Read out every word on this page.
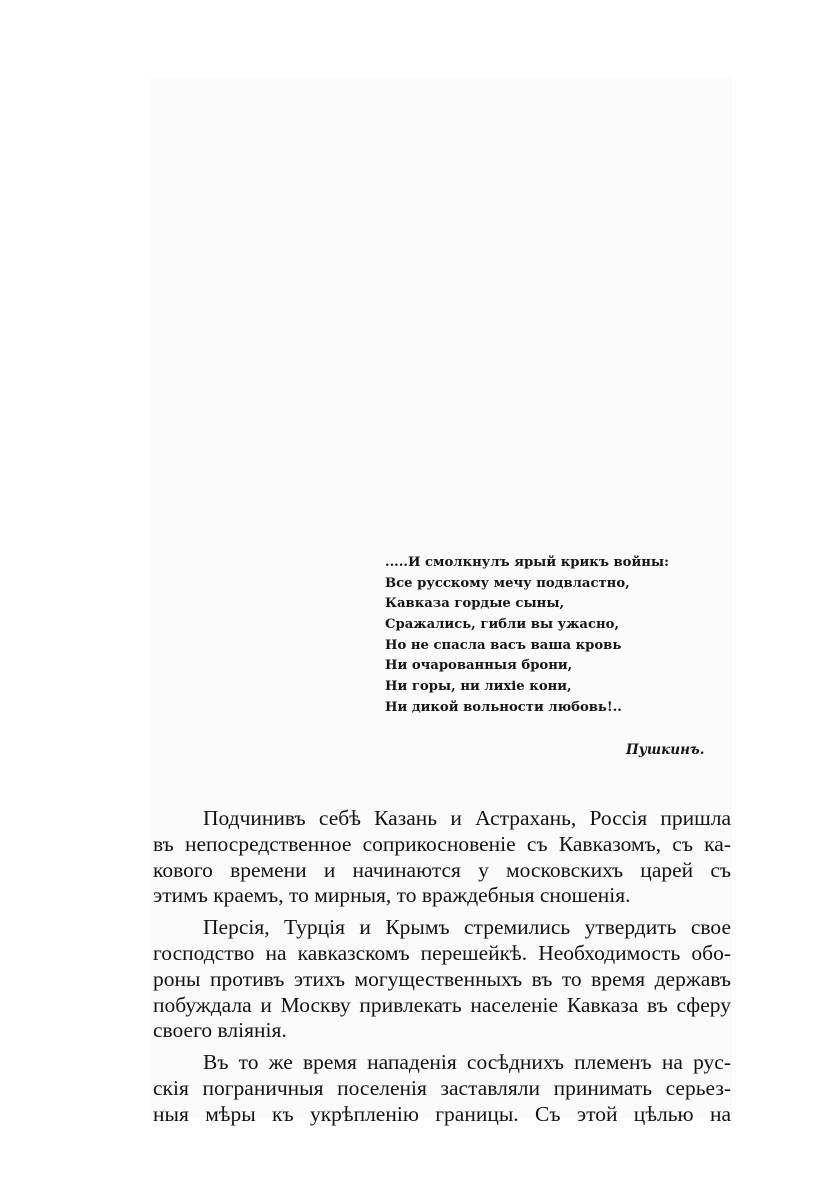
.....И смолкнулъ ярый крикъ войны:
Все русскому мечу подвластно,
Кавказа гордые сыны,
Сражались, гибли вы ужасно,
Но не спасла васъ ваша кровь
Ни очарованныя брони,
Ни горы, ни лихіе кони,
Ни дикой вольности любовь!..
Пушкинъ.
Подчинивъ себѣ Казань и Астрахань, Россія пришла
въ непосредственное соприкосновеніе съ Кавказомъ, съ ка-
кового времени и начинаются у московскихъ царей съ
этимъ краемъ, то мирныя, то враждебныя сношенія.
Персія, Турція и Крымъ стремились утвердить свое
господство на кавказскомъ перешейкѣ. Необходимость обо-
роны противъ этихъ могущественныхъ въ то время державъ
побуждала и Москву привлекать населеніе Кавказа въ сферу
своего вліянія.
Въ то же время нападенія сосѣднихъ племенъ на рус-
скія пограничныя поселенія заставляли принимать серьез-
ныя мѣры къ укрѣпленію границы. Съ этой цѣлью на
